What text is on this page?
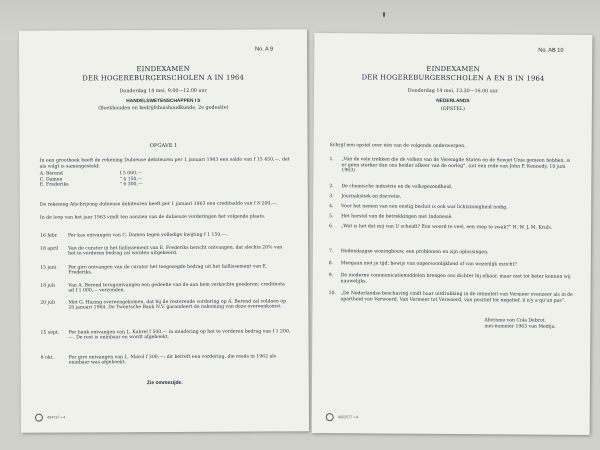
No. A 9
EINDEXAMEN
DER HOGEREBURGERSCHOLEN A IN 1964
Donderdag 14 mei, 9.00—12.00 uur
HANDELSWETENSCHAPPEN I b
(Boekhouden en bedrijfshuishoudkunde, 2e gedeelte)
OPGAVE 1
In een grootboek heeft de rekening Dubieuse debiteuren per 1 januari 1963 een saldo van f 15 450,—, dat als volgt is samengesteld:
A. Berend	f 5 000,—
C. Damen	" 4 150,—
E. Frederiks	" 6 300,—
De rekening Afschrijving dubieuse debiteuren heeft per 1 januari 1963 een creditsaldo van f 8 200,—.
In de loop van het jaar 1963 vindt ten aanzien van de dubieuze vorderingen het volgende plaats.
16 febr.	Per kas ontvangen van C. Damen tegen volledige kwijting f 1 150,—.
18 april	Van de curator in het faillissement van E. Frederiks bericht ontvangen, dat slechts 20% van het te vorderen bedrag zal worden uitgekeerd.
15 juni	Per giro ontvangen van de curator het toegezegde bedrag uit het faillissement van E. Frederiks.
18 juli	Van A. Berend terugontvangen een gedeelte van de aan hem verkochte goederen; creditnota ad f 1 000,— verzonden.
20 juli	Met G. Hazing overeengekomen, dat bij de resterende vordering op A. Berend zal voldoen op 20 januari 1964. De Twentsche Bank N.V. garandeert de nakoming van deze overeenkomst.
15 sept.	Per bank ontvangen van L. Kabrel f 500,— in mindering op het te vorderen bedrag van f 1 200,—. De rest is oninbaar en wordt afgeboekt.
8 okt.	Per giro ontvangen van L. Marol f 300,—; dit betreft een vordering, die reeds in 1962 als oninbaar was afgeboekt.
Zie ommezijde.
404717 • 4
No. AB 10
EINDEXAMEN
DER HOGEREBURGERSCHOLEN A EN B IN 1964
Donderdag 14 mei, 13.30—16.00 uur
NEDERLANDS
(OPSTEL)
Schrijf een opstel over één van de volgende onderwerpen.
1.	„Van de vele trekken die de volken van de Verenigde Staten en de Sowjet Unie gemeen hebben, is er geen sterker dan ons beider afkeer van de oorlog”. (uit een rede van John F. Kennedy, 10 juni 1963)
2.	De chemische industrie en de volksgezondheid.
3.	Journalistiek en discretie.
4.	Voor het nemen van een enstig besluit is ook wat lichtzinnigheid nodig.
5.	Het herstel van de betrekkingen met Indonesië.
6.	„Wat is het dat mij van U scheidt? Een woord te veel, een roep te zwak?” H. W. J. M. Kruls.
7.	Hedendaagse woningbouw, een problemen en zijn oplossingen.
8.	Meegaan met je tijd: bewijs van onpersoonlijkheid of van wezenlijk inzicht?
9.	De moderne communicatiemiddelen brengen ons dichter bij elkaar, maar niet tot beter kennen wij nauwelijks.
10.	„De Nederlandse beschaving vindt haar uitdrukking in de intimiteit van Vermeer evenzeer als in de apartheid van Verwoerd. Van Vermeer tot Verwoerd, van positief tot negatief, il n'y a qu'un pas”.
Aforisme van Cola Debrot,
mei-nummer 1963 van Medija.
4052577 • 4
